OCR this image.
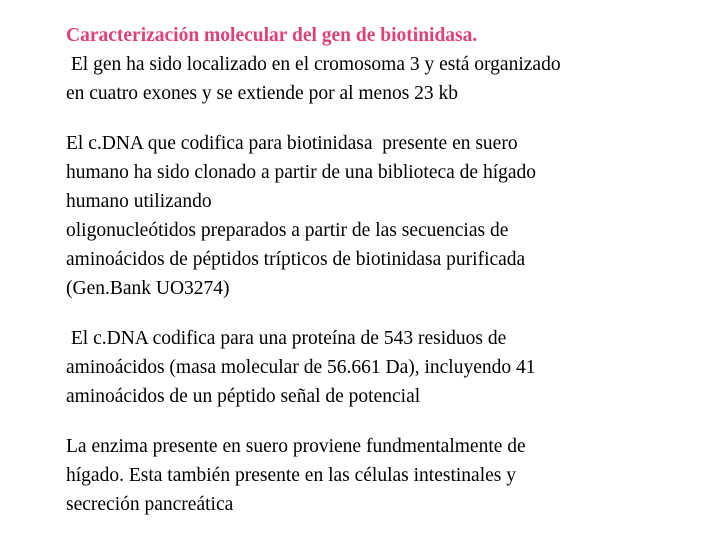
Caracterización molecular del gen de biotinidasa.

El gen ha sido localizado en el cromosoma 3 y está organizado

en cuatro exones y se extiende por al menos 23 kb

El c.DNA que codifica para biotinidasa  presente en suero

humano ha sido clonado a partir de una biblioteca de hígado

humano utilizando

oligonucleótidos preparados a partir de las secuencias de

aminoácidos de péptidos trípticos de biotinidasa purificada

(Gen.Bank UO3274)

El c.DNA codifica para una proteína de 543 residuos de

aminoácidos (masa molecular de 56.661 Da), incluyendo 41

aminoácidos de un péptido señal de potencial

La enzima presente en suero proviene fundmentalmente de

hígado. Esta también presente en las células intestinales y

secreción pancreática
